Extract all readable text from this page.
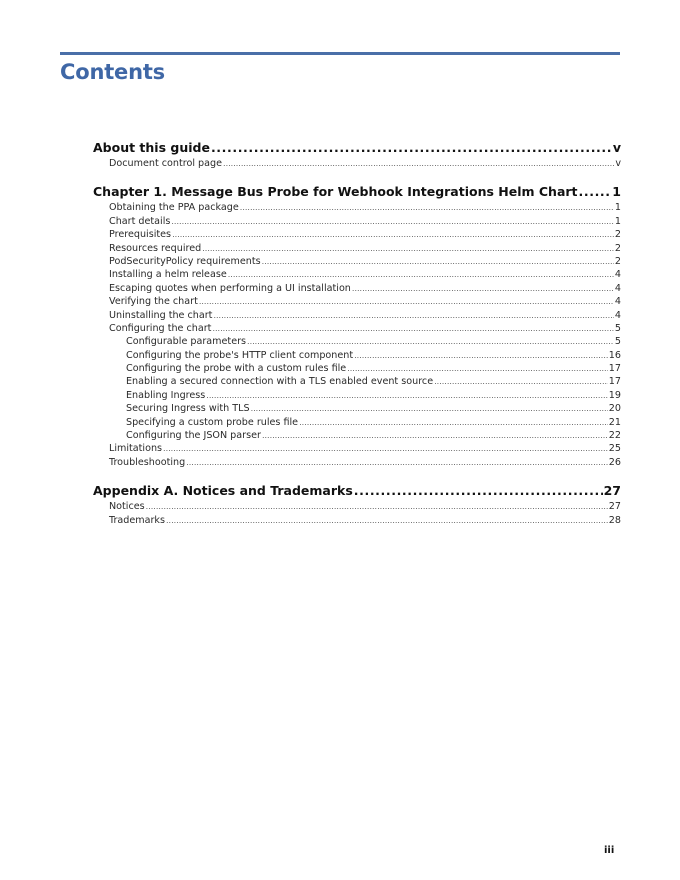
Contents
About this guide .....	v
Document control page .....	v
Chapter 1. Message Bus Probe for Webhook Integrations Helm Chart .....	1
Obtaining the PPA package .....	1
Chart details .....	1
Prerequisites .....	2
Resources required .....	2
PodSecurityPolicy requirements .....	2
Installing a helm release .....	4
Escaping quotes when performing a UI installation .....	4
Verifying the chart .....	4
Uninstalling the chart .....	4
Configuring the chart .....	5
Configurable parameters .....	5
Configuring the probe's HTTP client component .....	16
Configuring the probe with a custom rules file .....	17
Enabling a secured connection with a TLS enabled event source .....	17
Enabling Ingress .....	19
Securing Ingress with TLS .....	20
Specifying a custom probe rules file .....	21
Configuring the JSON parser .....	22
Limitations .....	25
Troubleshooting .....	26
Appendix A. Notices and Trademarks .....	27
Notices .....	27
Trademarks .....	28
iii
